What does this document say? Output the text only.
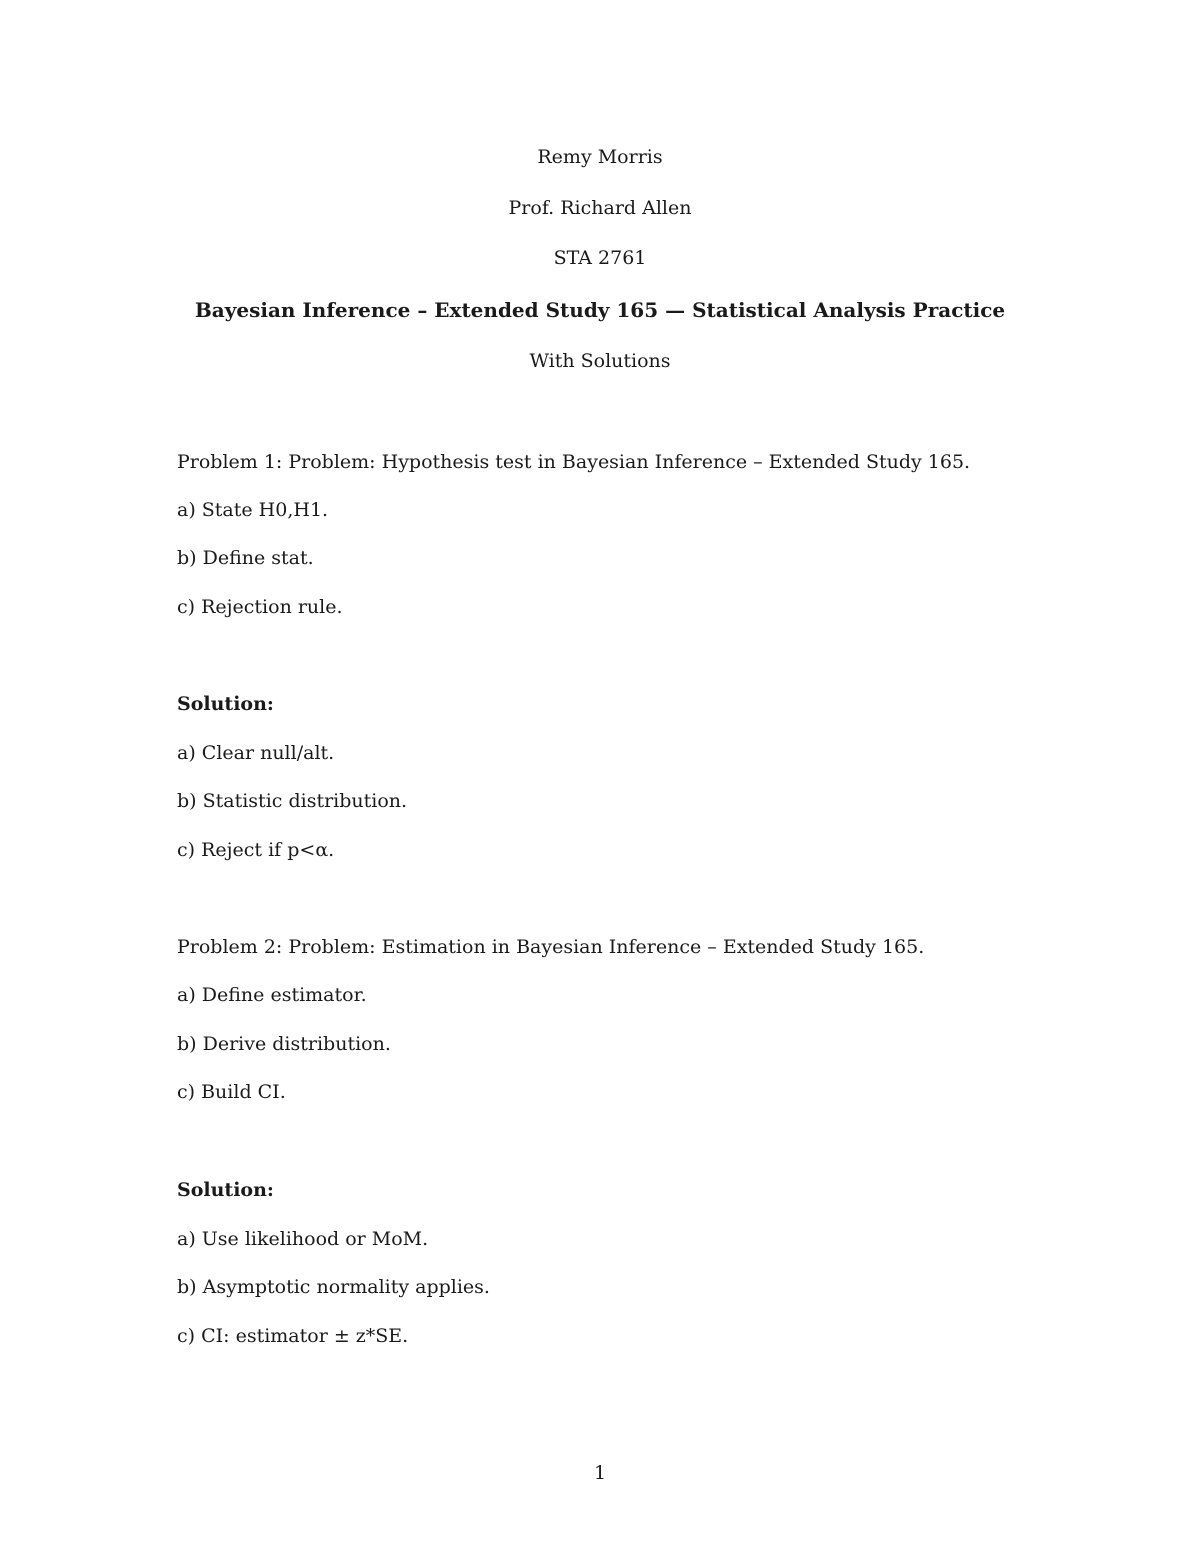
Remy Morris
Prof. Richard Allen
STA 2761
Bayesian Inference – Extended Study 165 — Statistical Analysis Practice
With Solutions
Problem 1: Problem: Hypothesis test in Bayesian Inference – Extended Study 165.
a) State H0,H1.
b) Define stat.
c) Rejection rule.
Solution:
a) Clear null/alt.
b) Statistic distribution.
c) Reject if p<α.
Problem 2: Problem: Estimation in Bayesian Inference – Extended Study 165.
a) Define estimator.
b) Derive distribution.
c) Build CI.
Solution:
a) Use likelihood or MoM.
b) Asymptotic normality applies.
c) CI: estimator ± z*SE.
1
